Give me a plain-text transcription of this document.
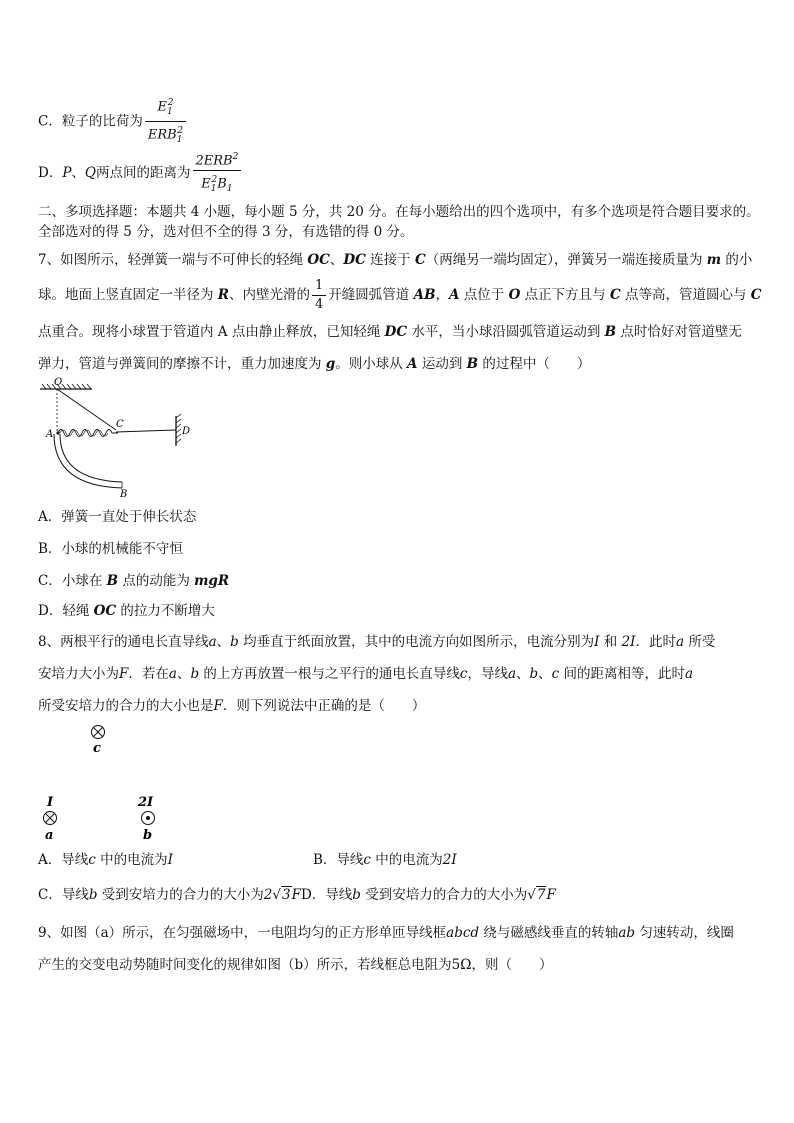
C．粒子的比荷为 $\frac{E_1^2}{ERB_1^2}$
D．P、Q两点间的距离为 $\frac{2ERB^2}{E_1^2B_1}$
二、多项选择题：本题共 4 小题，每小题 5 分，共 20 分。在每小题给出的四个选项中，有多个选项是符合题目要求的。
全部选对的得 5 分，选对但不全的得 3 分，有选错的得 0 分。
7、如图所示，轻弹簧一端与不可伸长的轻绳 OC、DC 连接于 C（两绳另一端均固定），弹簧另一端连接质量为 m 的小
球。地面上竖直固定一半径为 R、内壁光滑的 $\frac{1}{4}$ 开缝圆弧管道 AB，A 点位于 O 点正下方且与 C 点等高，管道圆心与 C
点重合。现将小球置于管道内 A 点由静止释放，已知轻绳 DC 水平，当小球沿圆弧管道运动到 B 点时恰好对管道壁无
弹力，管道与弹簧间的摩擦不计，重力加速度为 g。则小球从 A 运动到 B 的过程中（　　）
O
A
C
D
B
A．弹簧一直处于伸长状态
B．小球的机械能不守恒
C．小球在 B 点的动能为 mgR
D．轻绳 OC 的拉力不断增大
8、两根平行的通电长直导线a、b 均垂直于纸面放置，其中的电流方向如图所示，电流分别为I 和 2I．此时a 所受
安培力大小为F．若在a、b 的上方再放置一根与之平行的通电长直导线c，导线a、b、c 间的距离相等，此时a
所受安培力的合力的大小也是F．则下列说法中正确的是（　　）
c
I
a
2I
b
A．导线c 中的电流为I	B．导线c 中的电流为2I
C．导线b 受到安培力的合力的大小为2√3FD．导线b 受到安培力的合力的大小为√7F
9、如图（a）所示，在匀强磁场中，一电阻均匀的正方形单匝导线框abcd 绕与磁感线垂直的转轴ab 匀速转动，线圈
产生的交变电动势随时间变化的规律如图（b）所示，若线框总电阻为5Ω，则（　　）
